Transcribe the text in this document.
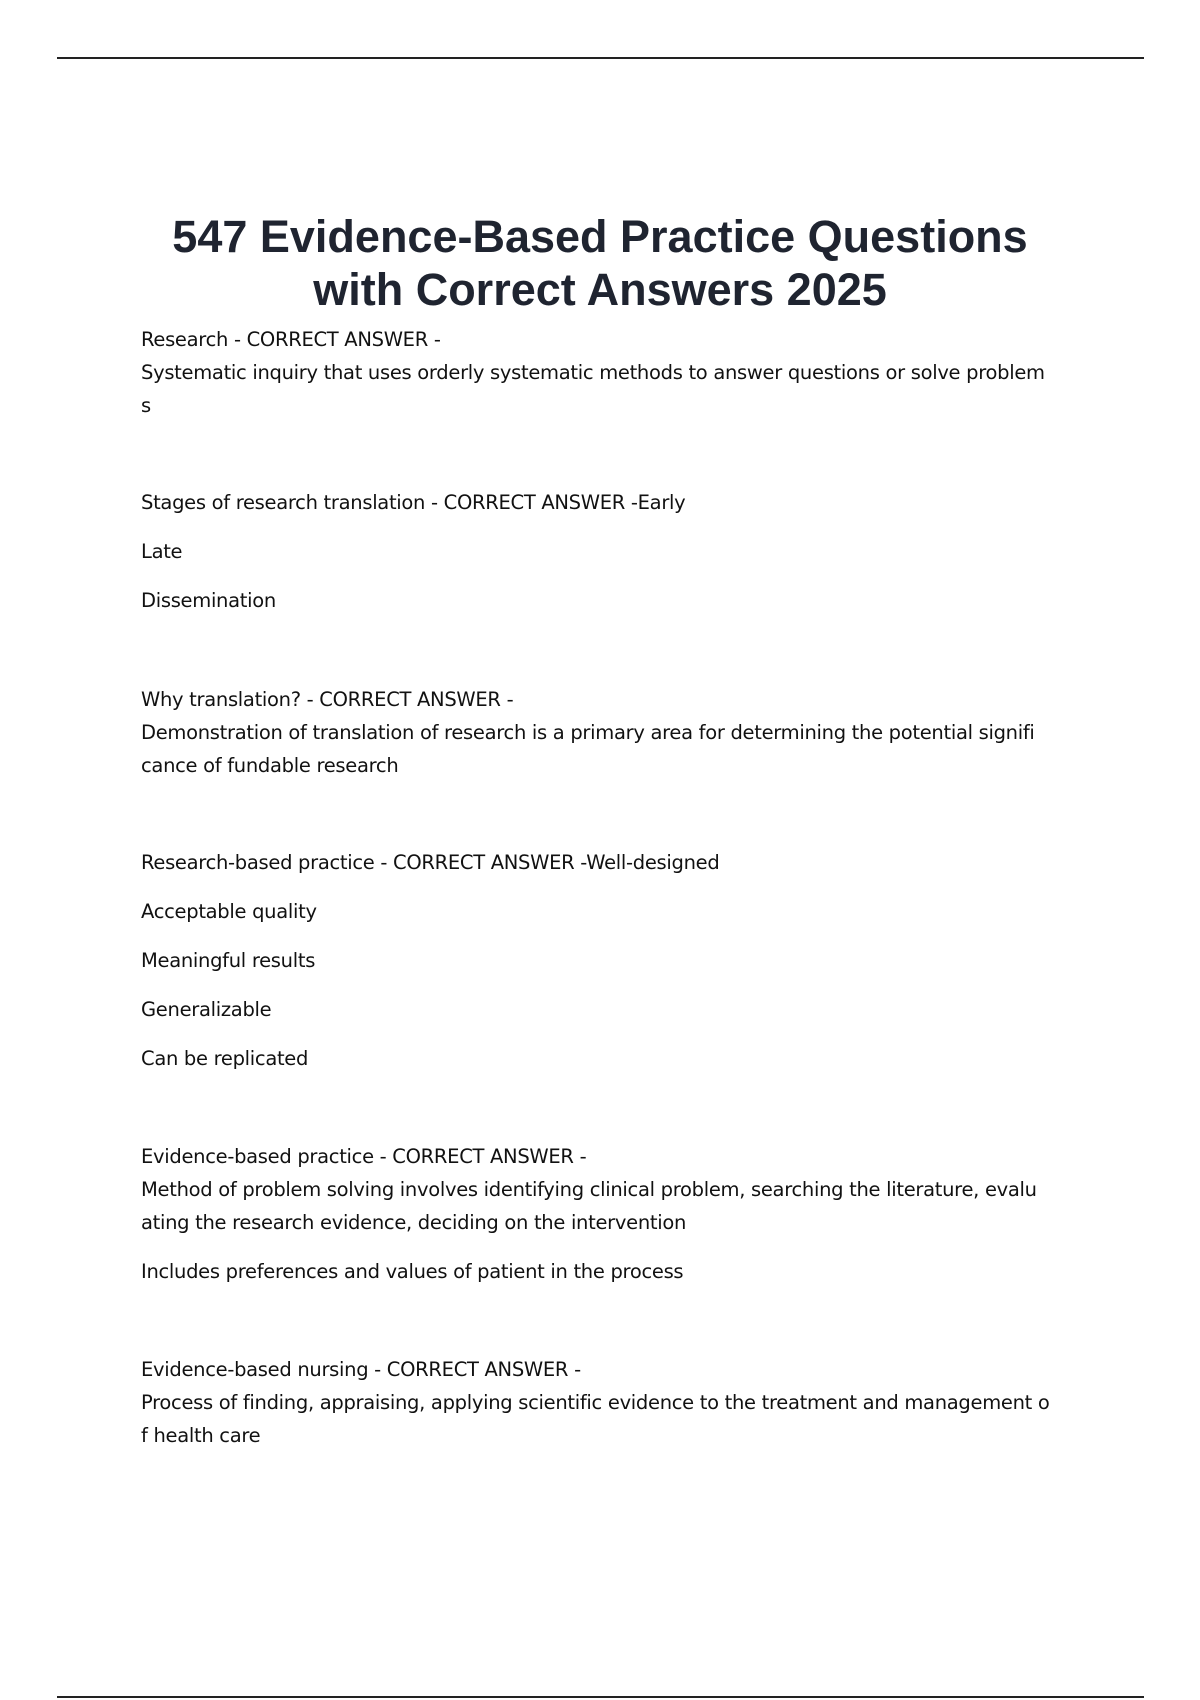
547 Evidence-Based Practice Questions
with Correct Answers 2025
Research - CORRECT ANSWER -
Systematic inquiry that uses orderly systematic methods to answer questions or solve problem
s
Stages of research translation - CORRECT ANSWER -Early
Late
Dissemination
Why translation? - CORRECT ANSWER -
Demonstration of translation of research is a primary area for determining the potential signifi
cance of fundable research
Research-based practice - CORRECT ANSWER -Well-designed
Acceptable quality
Meaningful results
Generalizable
Can be replicated
Evidence-based practice - CORRECT ANSWER -
Method of problem solving involves identifying clinical problem, searching the literature, evalu
ating the research evidence, deciding on the intervention
Includes preferences and values of patient in the process
Evidence-based nursing - CORRECT ANSWER -
Process of finding, appraising, applying scientific evidence to the treatment and management o
f health care
